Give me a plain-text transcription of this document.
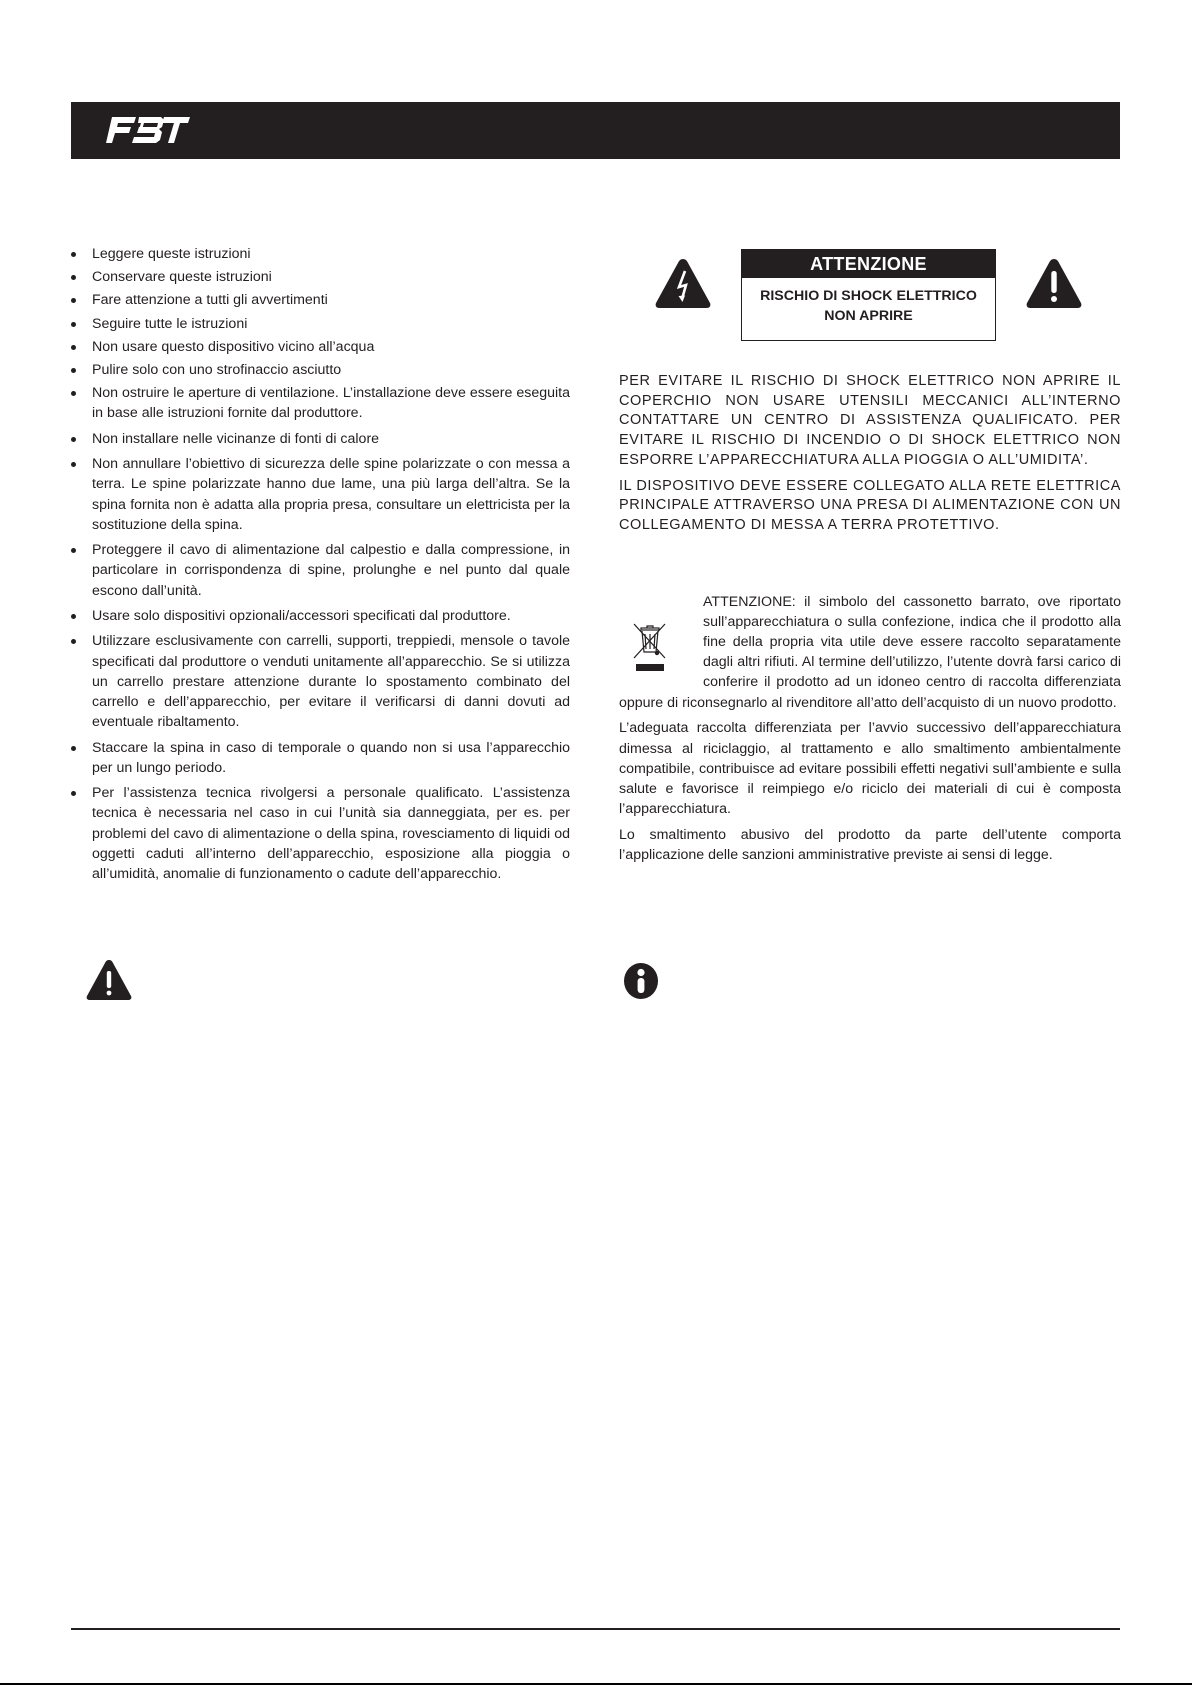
Leggere queste istruzioni
Conservare queste istruzioni
Fare attenzione a tutti gli avvertimenti
Seguire tutte le istruzioni
Non usare questo dispositivo vicino all’acqua
Pulire solo con uno strofinaccio asciutto
Non ostruire le aperture di ventilazione. L’installazione deve essere eseguita in base alle istruzioni fornite dal produttore.
Non installare nelle vicinanze di fonti di calore
Non annullare l’obiettivo di sicurezza delle spine polarizzate o con messa a terra. Le spine polarizzate hanno due lame, una più larga dell’altra. Se la spina fornita non è adatta alla propria presa, consultare un elettricista per la sostituzione della spina.
Proteggere il cavo di alimentazione dal calpestio e dalla compressione, in particolare in corrispondenza di spine, prolunghe e nel punto dal quale escono dall’unità.
Usare solo dispositivi opzionali/accessori specificati dal produttore.
Utilizzare esclusivamente con carrelli, supporti, treppiedi, mensole o tavole specificati dal produttore o venduti unitamente all’apparecchio. Se si utilizza un carrello prestare attenzione durante lo spostamento combinato del carrello e dell’apparecchio, per evitare il verificarsi di danni dovuti ad eventuale ribaltamento.
Staccare la spina in caso di temporale o quando non si usa l’apparecchio per un lungo periodo.
Per l’assistenza tecnica rivolgersi a personale qualificato. L’assistenza tecnica è necessaria nel caso in cui l’unità sia danneggiata, per es. per problemi del cavo di alimentazione o della spina, rovesciamento di liquidi od oggetti caduti all’interno dell’apparecchio, esposizione alla pioggia o all’umidità, anomalie di funzionamento o cadute dell’apparecchio.
ATTENZIONE
RISCHIO DI SHOCK ELETTRICO
NON APRIRE

PER EVITARE IL RISCHIO DI SHOCK ELETTRICO NON APRIRE IL COPERCHIO NON USARE UTENSILI MECCANICI ALL’INTERNO CONTATTARE UN CENTRO DI ASSISTENZA QUALIFICATO. PER EVITARE IL RISCHIO DI INCENDIO O DI SHOCK ELETTRICO NON ESPORRE L’APPARECCHIATURA ALLA PIOGGIA O ALL’UMIDITA’.

IL DISPOSITIVO DEVE ESSERE COLLEGATO ALLA RETE ELETTRICA PRINCIPALE ATTRAVERSO UNA PRESA DI ALIMENTAZIONE CON UN COLLEGAMENTO DI MESSA A TERRA PROTETTIVO.

ATTENZIONE: il simbolo del cassonetto barrato, ove riportato sull’apparecchiatura o sulla confezione, indica che il prodotto alla fine della propria vita utile deve essere raccolto separatamente dagli altri rifiuti. Al termine dell’utilizzo, l’utente dovrà farsi carico di conferire il prodotto ad un idoneo centro di raccolta differenziata oppure di riconsegnarlo al rivenditore all’atto dell’acquisto di un nuovo prodotto.

L’adeguata raccolta differenziata per l’avvio successivo dell’apparecchiatura dimessa al riciclaggio, al trattamento e allo smaltimento ambientalmente compatibile, contribuisce ad evitare possibili effetti negativi sull’ambiente e sulla salute e favorisce il reimpiego e/o riciclo dei materiali di cui è composta l’apparecchiatura.

Lo smaltimento abusivo del prodotto da parte dell’utente comporta l’applicazione delle sanzioni amministrative previste ai sensi di legge.
